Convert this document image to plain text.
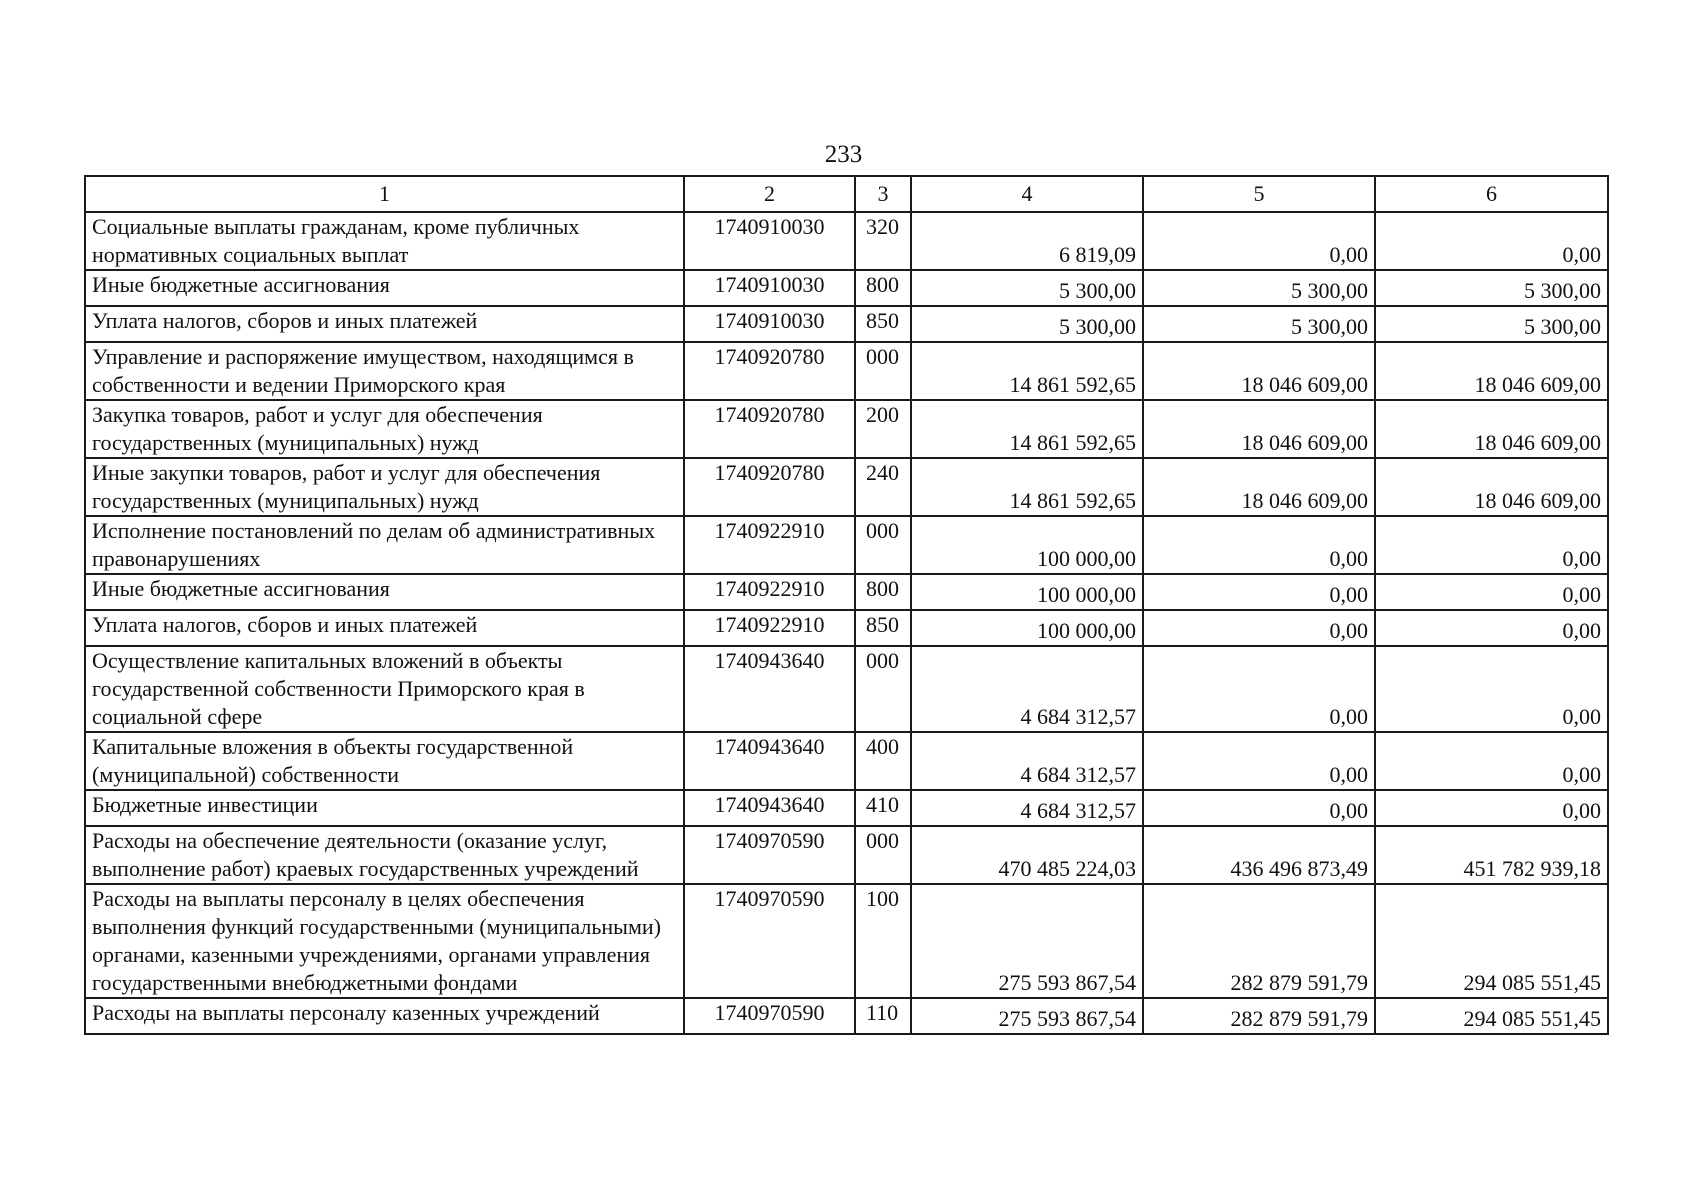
233
1	2	3	4	5	6
Социальные выплаты гражданам, кроме публичных нормативных социальных выплат	1740910030	320	6 819,09	0,00	0,00
Иные бюджетные ассигнования	1740910030	800	5 300,00	5 300,00	5 300,00
Уплата налогов, сборов и иных платежей	1740910030	850	5 300,00	5 300,00	5 300,00
Управление и распоряжение имуществом, находящимся в собственности и ведении Приморского края	1740920780	000	14 861 592,65	18 046 609,00	18 046 609,00
Закупка товаров, работ и услуг для обеспечения государственных (муниципальных) нужд	1740920780	200	14 861 592,65	18 046 609,00	18 046 609,00
Иные закупки товаров, работ и услуг для обеспечения государственных (муниципальных) нужд	1740920780	240	14 861 592,65	18 046 609,00	18 046 609,00
Исполнение постановлений по делам об административных правонарушениях	1740922910	000	100 000,00	0,00	0,00
Иные бюджетные ассигнования	1740922910	800	100 000,00	0,00	0,00
Уплата налогов, сборов и иных платежей	1740922910	850	100 000,00	0,00	0,00
Осуществление капитальных вложений в объекты государственной собственности Приморского края в социальной сфере	1740943640	000	4 684 312,57	0,00	0,00
Капитальные вложения в объекты государственной (муниципальной) собственности	1740943640	400	4 684 312,57	0,00	0,00
Бюджетные инвестиции	1740943640	410	4 684 312,57	0,00	0,00
Расходы на обеспечение деятельности (оказание услуг, выполнение работ) краевых государственных учреждений	1740970590	000	470 485 224,03	436 496 873,49	451 782 939,18
Расходы на выплаты персоналу в целях обеспечения выполнения функций государственными (муниципальными) органами, казенными учреждениями, органами управления государственными внебюджетными фондами	1740970590	100	275 593 867,54	282 879 591,79	294 085 551,45
Расходы на выплаты персоналу казенных учреждений	1740970590	110	275 593 867,54	282 879 591,79	294 085 551,45
